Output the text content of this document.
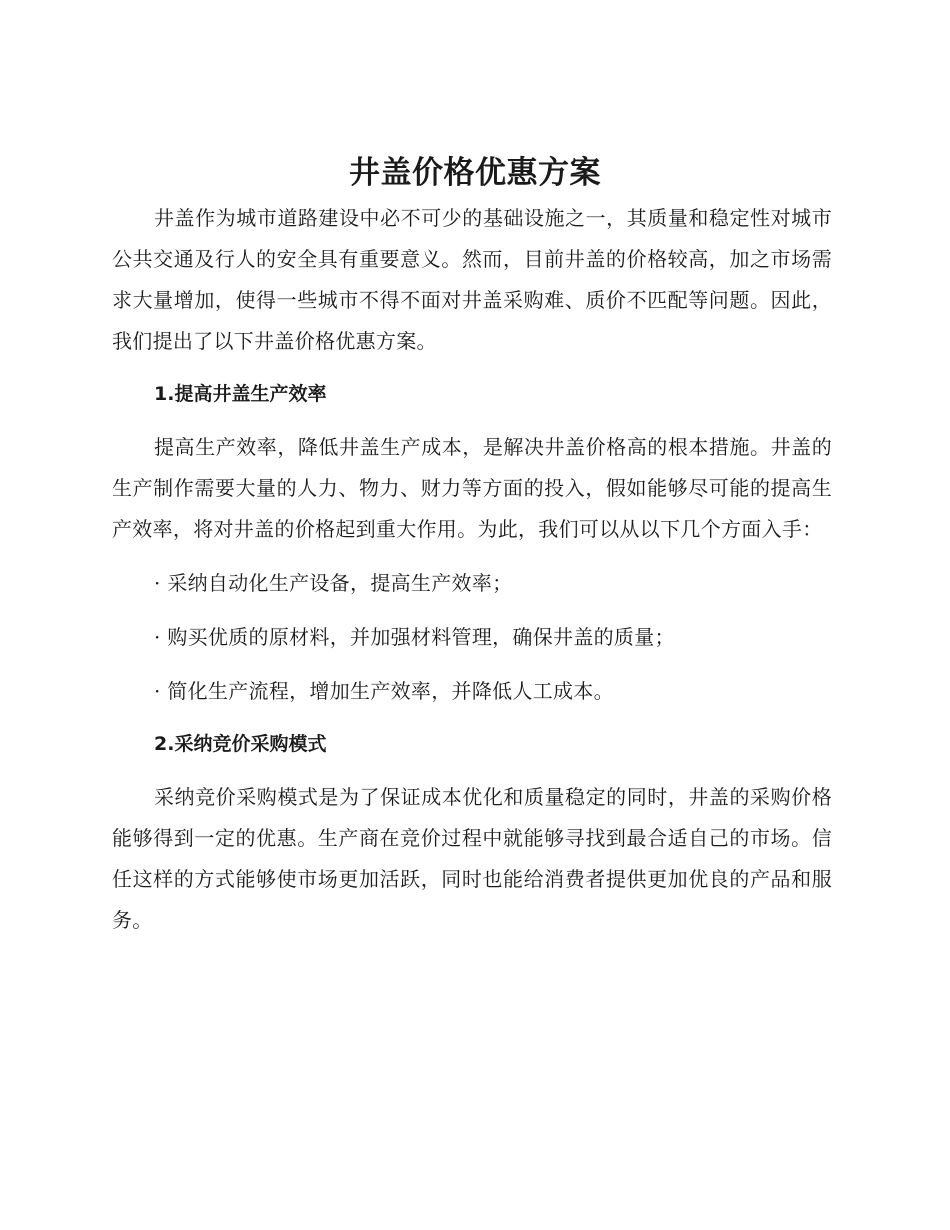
井盖价格优惠方案

井盖作为城市道路建设中必不可少的基础设施之一，其质量和稳定性对城市公共交通及行人的安全具有重要意义。然而，目前井盖的价格较高，加之市场需求大量增加，使得一些城市不得不面对井盖采购难、质价不匹配等问题。因此，我们提出了以下井盖价格优惠方案。

1.提高井盖生产效率

提高生产效率，降低井盖生产成本，是解决井盖价格高的根本措施。井盖的生产制作需要大量的人力、物力、财力等方面的投入，假如能够尽可能的提高生产效率，将对井盖的价格起到重大作用。为此，我们可以从以下几个方面入手：

· 采纳自动化生产设备，提高生产效率；

· 购买优质的原材料，并加强材料管理，确保井盖的质量；

· 简化生产流程，增加生产效率，并降低人工成本。

2.采纳竞价采购模式

采纳竞价采购模式是为了保证成本优化和质量稳定的同时，井盖的采购价格能够得到一定的优惠。生产商在竞价过程中就能够寻找到最合适自己的市场。信任这样的方式能够使市场更加活跃，同时也能给消费者提供更加优良的产品和服务。
